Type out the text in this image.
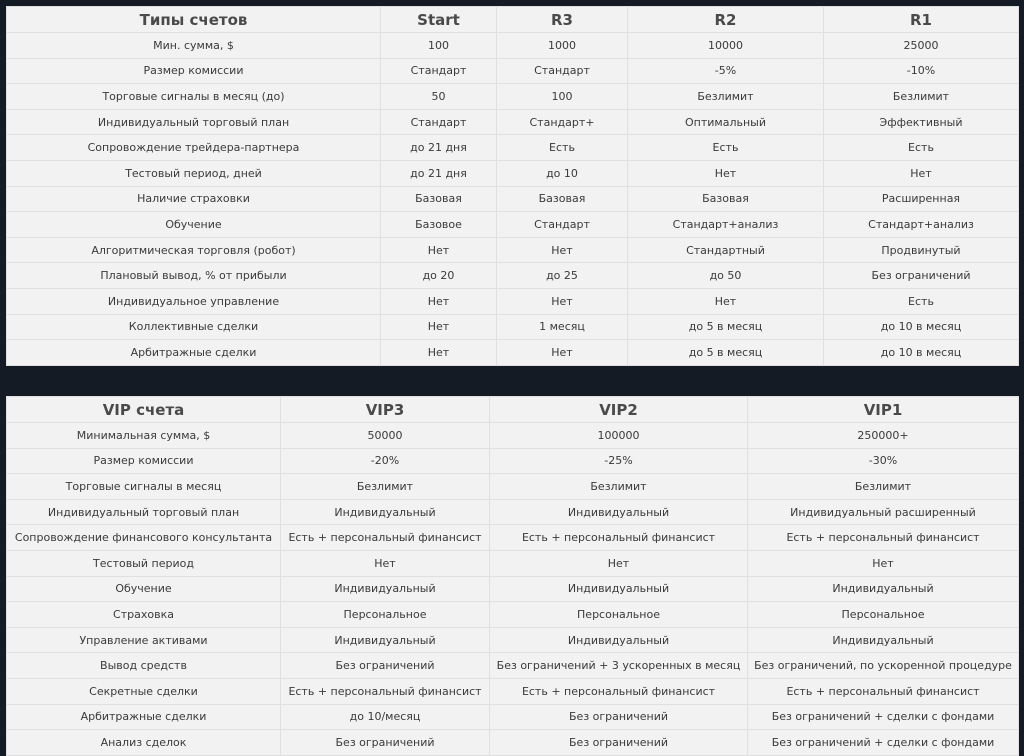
Типы счетов	Start	R3	R2	R1
Мин. сумма, $	100	1000	10000	25000
Размер комиссии	Стандарт	Стандарт	-5%	-10%
Торговые сигналы в месяц (до)	50	100	Безлимит	Безлимит
Индивидуальный торговый план	Стандарт	Стандарт+	Оптимальный	Эффективный
Сопровождение трейдера-партнера	до 21 дня	Есть	Есть	Есть
Тестовый период, дней	до 21 дня	до 10	Нет	Нет
Наличие страховки	Базовая	Базовая	Базовая	Расширенная
Обучение	Базовое	Стандарт	Стандарт+анализ	Стандарт+анализ
Алгоритмическая торговля (робот)	Нет	Нет	Стандартный	Продвинутый
Плановый вывод, % от прибыли	до 20	до 25	до 50	Без ограничений
Индивидуальное управление	Нет	Нет	Нет	Есть
Коллективные сделки	Нет	1 месяц	до 5 в месяц	до 10 в месяц
Арбитражные сделки	Нет	Нет	до 5 в месяц	до 10 в месяц
VIP счета	VIP3	VIP2	VIP1
Минимальная сумма, $	50000	100000	250000+
Размер комиссии	-20%	-25%	-30%
Торговые сигналы в месяц	Безлимит	Безлимит	Безлимит
Индивидуальный торговый план	Индивидуальный	Индивидуальный	Индивидуальный расширенный
Сопровождение финансового консультанта	Есть + персональный финансист	Есть + персональный финансист	Есть + персональный финансист
Тестовый период	Нет	Нет	Нет
Обучение	Индивидуальный	Индивидуальный	Индивидуальный
Страховка	Персональное	Персональное	Персональное
Управление активами	Индивидуальный	Индивидуальный	Индивидуальный
Вывод средств	Без ограничений	Без ограничений + 3 ускоренных в месяц	Без ограничений, по ускоренной процедуре
Секретные сделки	Есть + персональный финансист	Есть + персональный финансист	Есть + персональный финансист
Арбитражные сделки	до 10/месяц	Без ограничений	Без ограничений + сделки с фондами
Анализ сделок	Без ограничений	Без ограничений	Без ограничений + сделки с фондами
